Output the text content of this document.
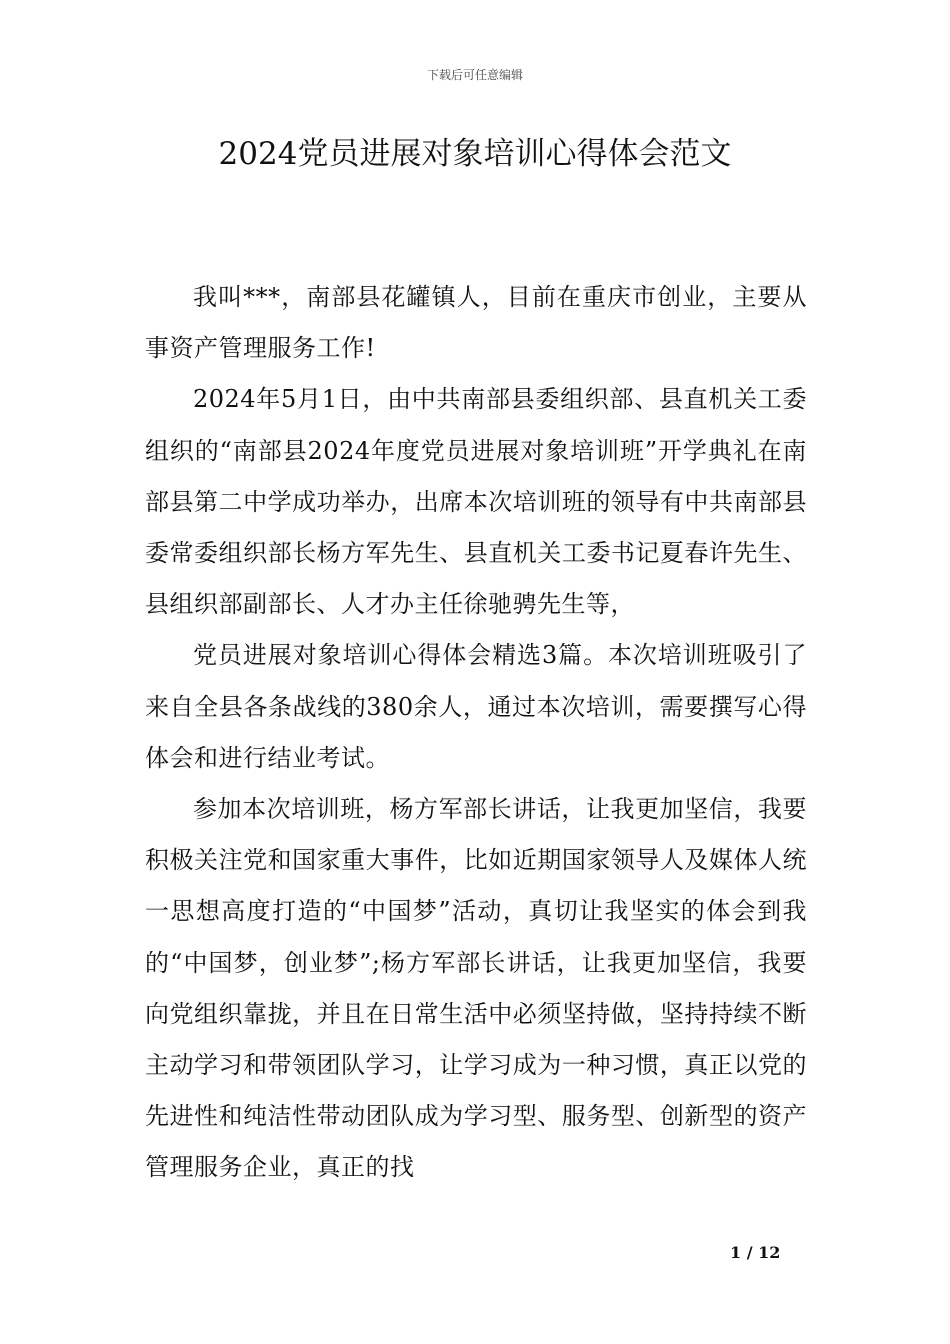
下载后可任意编辑
2024党员进展对象培训心得体会范文

我叫***，南部县花罐镇人，目前在重庆市创业，主要从事资产管理服务工作!

2024年5月1日，由中共南部县委组织部、县直机关工委组织的“南部县2024年度党员进展对象培训班”开学典礼在南部县第二中学成功举办，出席本次培训班的领导有中共南部县委常委组织部长杨方军先生、县直机关工委书记夏春许先生、县组织部副部长、人才办主任徐驰骋先生等，

党员进展对象培训心得体会精选3篇。本次培训班吸引了来自全县各条战线的380余人，通过本次培训，需要撰写心得体会和进行结业考试。

参加本次培训班，杨方军部长讲话，让我更加坚信，我要积极关注党和国家重大事件，比如近期国家领导人及媒体人统一思想高度打造的“中国梦”活动，真切让我坚实的体会到我的“中国梦，创业梦”;杨方军部长讲话，让我更加坚信，我要向党组织靠拢，并且在日常生活中必须坚持做，坚持持续不断主动学习和带领团队学习，让学习成为一种习惯，真正以党的先进性和纯洁性带动团队成为学习型、服务型、创新型的资产管理服务企业，真正的找

1 / 12
